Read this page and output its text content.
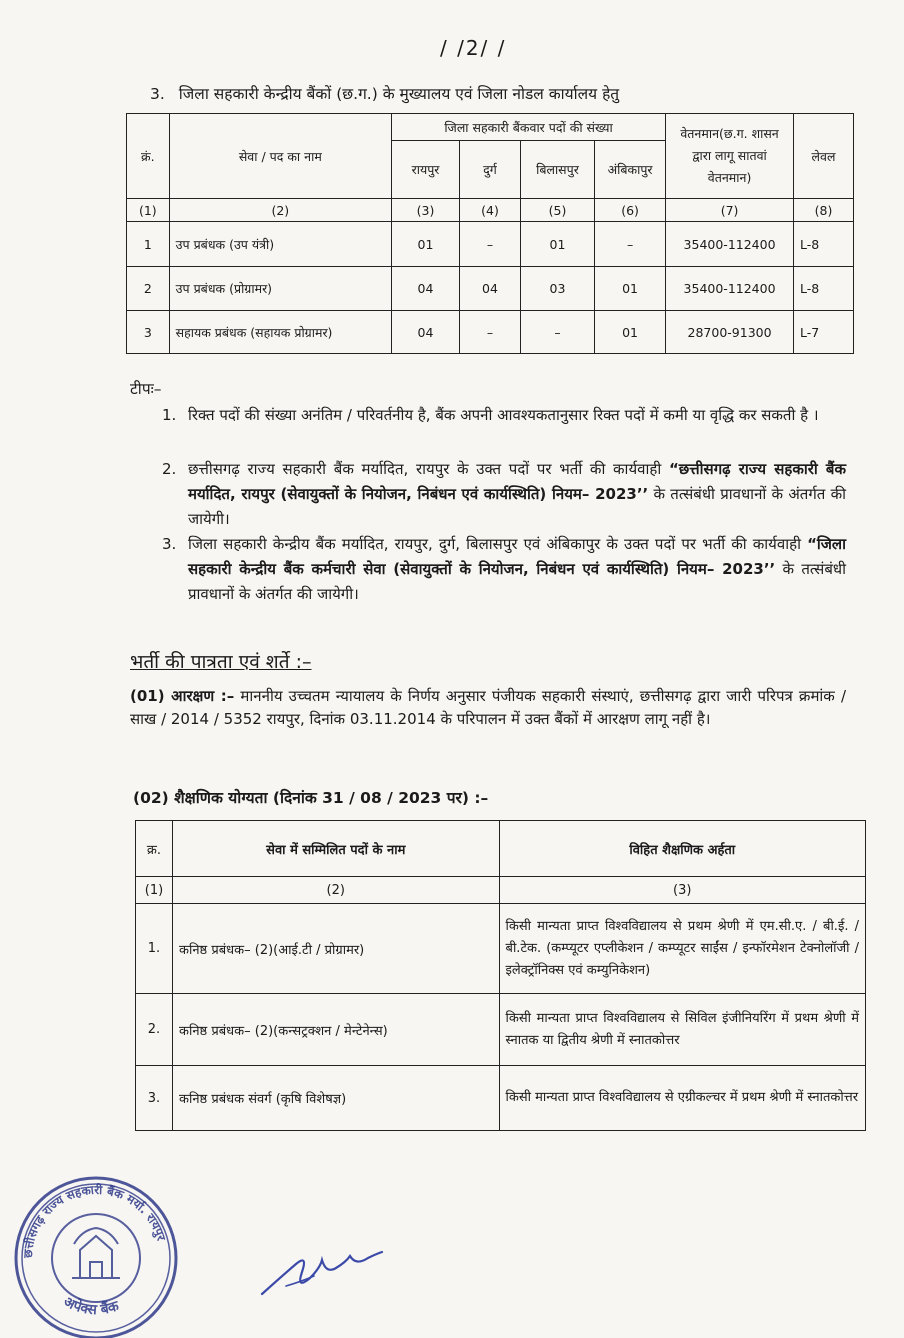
/ /2/ /
3. जिला सहकारी केन्द्रीय बैंकों (छ.ग.) के मुख्यालय एवं जिला नोडल कार्यालय हेतु
क्रं.	सेवा / पद का नाम	जिला सहकारी बैंकवार पदों की संख्या				वेतनमान(छ.ग. शासन द्वारा लागू सातवां वेतनमान)	लेवल
		रायपुर	दुर्ग	बिलासपुर	अंबिकापुर		
(1)	(2)	(3)	(4)	(5)	(6)	(7)	(8)
1	उप प्रबंधक (उप यंत्री)	01	–	01	–	35400-112400	L-8
2	उप प्रबंधक (प्रोग्रामर)	04	04	03	01	35400-112400	L-8
3	सहायक प्रबंधक (सहायक प्रोग्रामर)	04	–	–	01	28700-91300	L-7
टीपः–
1. रिक्त पदों की संख्या अनंतिम / परिवर्तनीय है, बैंक अपनी आवश्यकतानुसार रिक्त पदों में कमी या वृद्धि कर सकती है ।
2. छत्तीसगढ़ राज्य सहकारी बैंक मर्यादित, रायपुर के उक्त पदों पर भर्ती की कार्यवाही “छत्तीसगढ़ राज्य सहकारी बैंक मर्यादित, रायपुर (सेवायुक्तों के नियोजन, निबंधन एवं कार्यस्थिति) नियम– 2023’’ के तत्संबंधी प्रावधानों के अंतर्गत की जायेगी।
3. जिला सहकारी केन्द्रीय बैंक मर्यादित, रायपुर, दुर्ग, बिलासपुर एवं अंबिकापुर के उक्त पदों पर भर्ती की कार्यवाही “जिला सहकारी केन्द्रीय बैंक कर्मचारी सेवा (सेवायुक्तों के नियोजन, निबंधन एवं कार्यस्थिति) नियम– 2023’’ के तत्संबंधी प्रावधानों के अंतर्गत की जायेगी।
भर्ती की पात्रता एवं शर्ते :–
(01) आरक्षण :– माननीय उच्चतम न्यायालय के निर्णय अनुसार पंजीयक सहकारी संस्थाएं, छत्तीसगढ़ द्वारा जारी परिपत्र क्रमांक / साख / 2014 / 5352 रायपुर, दिनांक 03.11.2014 के परिपालन में उक्त बैंकों में आरक्षण लागू नहीं है।
(02) शैक्षणिक योग्यता (दिनांक 31 / 08 / 2023 पर) :–
क्र.	सेवा में सम्मिलित पदों के नाम	विहित शैक्षणिक अर्हता
(1)	(2)	(3)
1.	कनिष्ठ प्रबंधक– (2)(आई.टी / प्रोग्रामर)	किसी मान्यता प्राप्त विश्वविद्यालय से प्रथम श्रेणी में एम.सी.ए. / बी.ई. / बी.टेक. (कम्प्यूटर एप्लीकेशन / कम्प्यूटर साईंस / इन्फॉरमेशन टेक्नोलॉजी / इलेक्ट्रॉनिक्स एवं कम्युनिकेशन)
2.	कनिष्ठ प्रबंधक– (2)(कन्सट्रक्शन / मेन्टेनेन्स)	किसी मान्यता प्राप्त विश्वविद्यालय से सिविल इंजीनियरिंग में प्रथम श्रेणी में स्नातक या द्वितीय श्रेणी में स्नातकोत्तर
3.	कनिष्ठ प्रबंधक संवर्ग (कृषि विशेषज्ञ)	किसी मान्यता प्राप्त विश्वविद्यालय से एग्रीकल्चर में प्रथम श्रेणी में स्नातकोत्तर
छत्तीसगढ़ राज्य सहकारी बैंक मर्या. रायपुर
अपेक्स बैंक
